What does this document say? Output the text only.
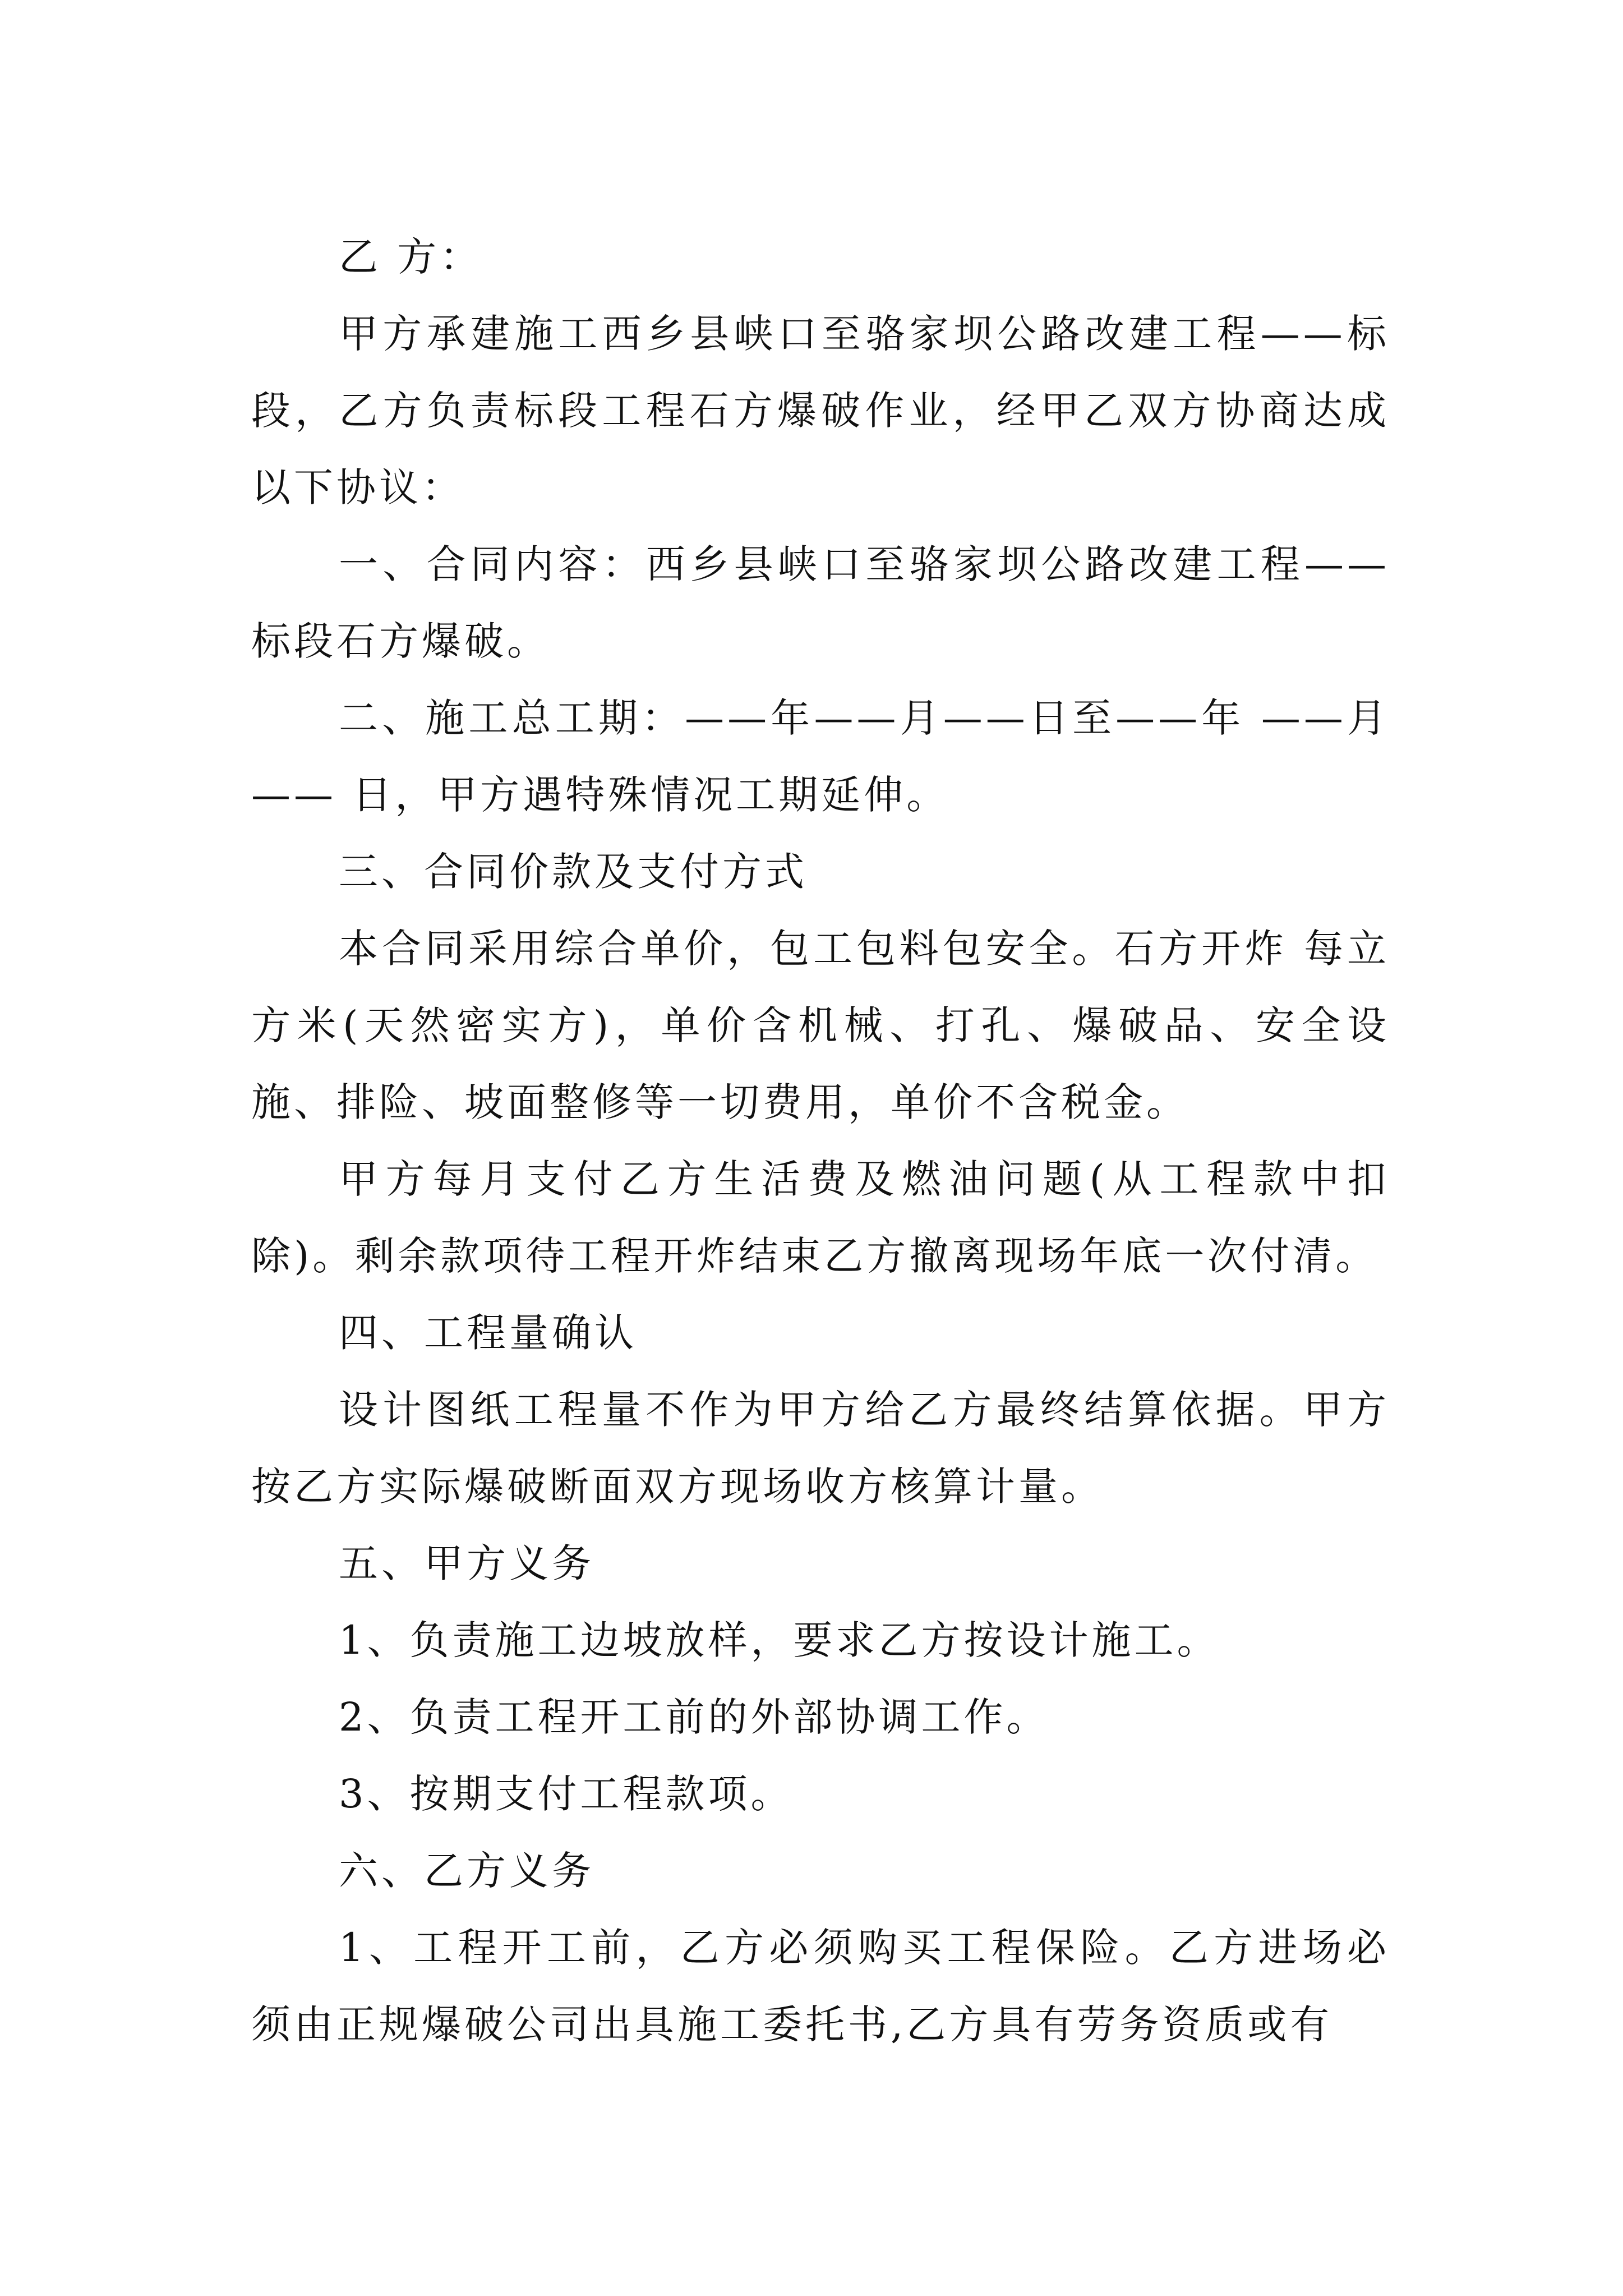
乙 方：

甲方承建施工西乡县峡口至骆家坝公路改建工程——标段，乙方负责标段工程石方爆破作业，经甲乙双方协商达成以下协议：

一、合同内容：西乡县峡口至骆家坝公路改建工程——标段石方爆破。

二、施工总工期：——年——月——日至——年 ——月—— 日，甲方遇特殊情况工期延伸。

三、合同价款及支付方式

本合同采用综合单价，包工包料包安全。石方开炸 每立方米(天然密实方)，单价含机械、打孔、爆破品、安全设施、排险、坡面整修等一切费用，单价不含税金。

甲方每月支付乙方生活费及燃油问题(从工程款中扣除)。剩余款项待工程开炸结束乙方撤离现场年底一次付清。

四、工程量确认

设计图纸工程量不作为甲方给乙方最终结算依据。甲方按乙方实际爆破断面双方现场收方核算计量。

五、甲方义务

1、负责施工边坡放样，要求乙方按设计施工。

2、负责工程开工前的外部协调工作。

3、按期支付工程款项。

六、乙方义务

1、工程开工前，乙方必须购买工程保险。乙方进场必须由正规爆破公司出具施工委托书,乙方具有劳务资质或有
